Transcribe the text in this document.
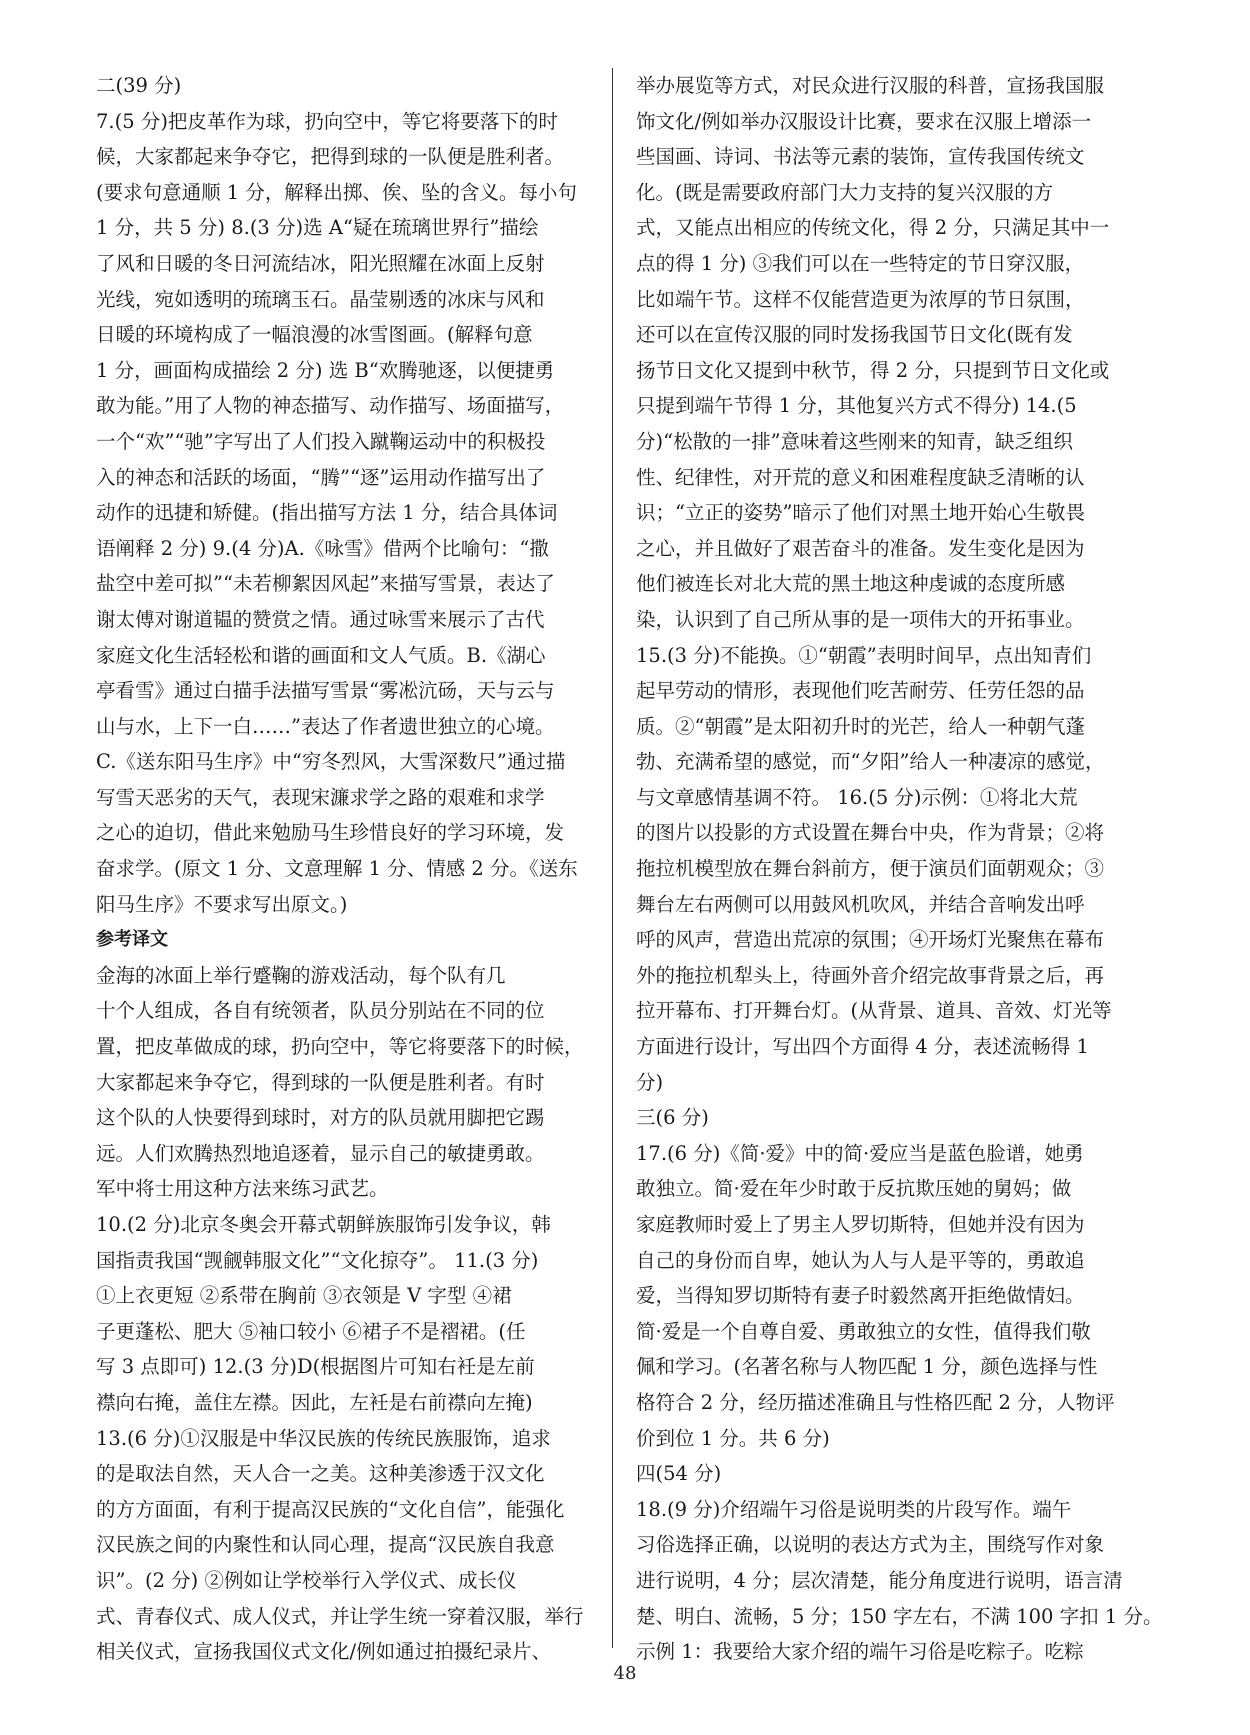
二(39 分)
7.(5 分)把皮革作为球，扔向空中，等它将要落下的时
候，大家都起来争夺它，把得到球的一队便是胜利者。
(要求句意通顺 1 分，解释出掷、俟、坠的含义。每小句
1 分，共 5 分) 8.(3 分)选 A“疑在琉璃世界行”描绘
了风和日暖的冬日河流结冰，阳光照耀在冰面上反射
光线，宛如透明的琉璃玉石。晶莹剔透的冰床与风和
日暖的环境构成了一幅浪漫的冰雪图画。(解释句意
1 分，画面构成描绘 2 分) 选 B“欢腾驰逐，以便捷勇
敢为能。”用了人物的神态描写、动作描写、场面描写，
一个“欢”“驰”字写出了人们投入蹴鞠运动中的积极投
入的神态和活跃的场面，“腾”“逐”运用动作描写出了
动作的迅捷和矫健。(指出描写方法 1 分，结合具体词
语阐释 2 分) 9.(4 分)A.《咏雪》借两个比喻句：“撒
盐空中差可拟”“未若柳絮因风起”来描写雪景，表达了
谢太傅对谢道韫的赞赏之情。通过咏雪来展示了古代
家庭文化生活轻松和谐的画面和文人气质。B.《湖心
亭看雪》通过白描手法描写雪景“雾凇沆砀，天与云与
山与水，上下一白……”表达了作者遗世独立的心境。
C.《送东阳马生序》中“穷冬烈风，大雪深数尺”通过描
写雪天恶劣的天气，表现宋濂求学之路的艰难和求学
之心的迫切，借此来勉励马生珍惜良好的学习环境，发
奋求学。(原文 1 分、文意理解 1 分、情感 2 分。《送东
阳马生序》不要求写出原文。)
参考译文
金海的冰面上举行蹙鞠的游戏活动，每个队有几
十个人组成，各自有统领者，队员分别站在不同的位
置，把皮革做成的球，扔向空中，等它将要落下的时候，
大家都起来争夺它，得到球的一队便是胜利者。有时
这个队的人快要得到球时，对方的队员就用脚把它踢
远。人们欢腾热烈地追逐着，显示自己的敏捷勇敢。
军中将士用这种方法来练习武艺。
10.(2 分)北京冬奥会开幕式朝鲜族服饰引发争议，韩
国指责我国“觊觎韩服文化”“文化掠夺”。 11.(3 分)
①上衣更短 ②系带在胸前 ③衣领是 V 字型 ④裙
子更蓬松、肥大 ⑤袖口较小 ⑥裙子不是褶裙。(任
写 3 点即可) 12.(3 分)D(根据图片可知右衽是左前
襟向右掩，盖住左襟。因此，左衽是右前襟向左掩)
13.(6 分)①汉服是中华汉民族的传统民族服饰，追求
的是取法自然，天人合一之美。这种美渗透于汉文化
的方方面面，有利于提高汉民族的“文化自信”，能强化
汉民族之间的内聚性和认同心理，提高“汉民族自我意
识”。(2 分) ②例如让学校举行入学仪式、成长仪
式、青春仪式、成人仪式，并让学生统一穿着汉服，举行
相关仪式，宣扬我国仪式文化/例如通过拍摄纪录片、
举办展览等方式，对民众进行汉服的科普，宣扬我国服
饰文化/例如举办汉服设计比赛，要求在汉服上增添一
些国画、诗词、书法等元素的装饰，宣传我国传统文
化。(既是需要政府部门大力支持的复兴汉服的方
式，又能点出相应的传统文化，得 2 分，只满足其中一
点的得 1 分) ③我们可以在一些特定的节日穿汉服，
比如端午节。这样不仅能营造更为浓厚的节日氛围，
还可以在宣传汉服的同时发扬我国节日文化(既有发
扬节日文化又提到中秋节，得 2 分，只提到节日文化或
只提到端午节得 1 分，其他复兴方式不得分) 14.(5
分)“松散的一排”意味着这些刚来的知青，缺乏组织
性、纪律性，对开荒的意义和困难程度缺乏清晰的认
识；“立正的姿势”暗示了他们对黑土地开始心生敬畏
之心，并且做好了艰苦奋斗的准备。发生变化是因为
他们被连长对北大荒的黑土地这种虔诚的态度所感
染，认识到了自己所从事的是一项伟大的开拓事业。
15.(3 分)不能换。①“朝霞”表明时间早，点出知青们
起早劳动的情形，表现他们吃苦耐劳、任劳任怨的品
质。②“朝霞”是太阳初升时的光芒，给人一种朝气蓬
勃、充满希望的感觉，而“夕阳”给人一种凄凉的感觉，
与文章感情基调不符。 16.(5 分)示例：①将北大荒
的图片以投影的方式设置在舞台中央，作为背景；②将
拖拉机模型放在舞台斜前方，便于演员们面朝观众；③
舞台左右两侧可以用鼓风机吹风，并结合音响发出呼
呼的风声，营造出荒凉的氛围；④开场灯光聚焦在幕布
外的拖拉机犁头上，待画外音介绍完故事背景之后，再
拉开幕布、打开舞台灯。(从背景、道具、音效、灯光等
方面进行设计，写出四个方面得 4 分，表述流畅得 1
分)
三(6 分)
17.(6 分)《简·爱》中的简·爱应当是蓝色脸谱，她勇
敢独立。简·爱在年少时敢于反抗欺压她的舅妈；做
家庭教师时爱上了男主人罗切斯特，但她并没有因为
自己的身份而自卑，她认为人与人是平等的，勇敢追
爱，当得知罗切斯特有妻子时毅然离开拒绝做情妇。
简·爱是一个自尊自爱、勇敢独立的女性，值得我们敬
佩和学习。(名著名称与人物匹配 1 分，颜色选择与性
格符合 2 分，经历描述准确且与性格匹配 2 分，人物评
价到位 1 分。共 6 分)
四(54 分)
18.(9 分)介绍端午习俗是说明类的片段写作。端午
习俗选择正确，以说明的表达方式为主，围绕写作对象
进行说明，4 分；层次清楚，能分角度进行说明，语言清
楚、明白、流畅，5 分；150 字左右，不满 100 字扣 1 分。
示例 1：我要给大家介绍的端午习俗是吃粽子。吃粽
48
